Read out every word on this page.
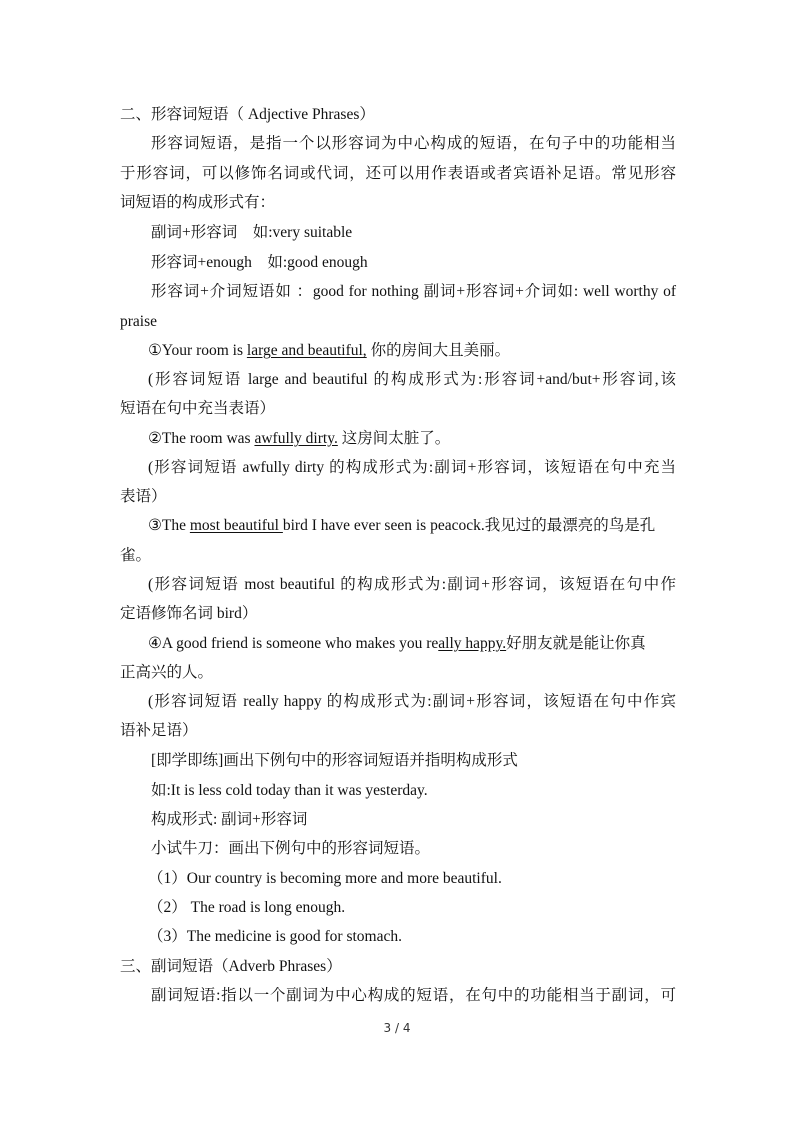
二、形容词短语（ Adjective Phrases）
形容词短语，是指一个以形容词为中心构成的短语，在句子中的功能相当
于形容词，可以修饰名词或代词，还可以用作表语或者宾语补足语。常见形容
词短语的构成形式有：
副词+形容词　如:very suitable
形容词+enough　如:good enough
形容词+介词短语如 ：good for nothing 副词+形容词+介词如: well worthy of
praise
①Your room is large and beautiful, 你的房间大且美丽。
(形容词短语 large and beautiful 的构成形式为:形容词+and/but+形容词,该
短语在句中充当表语）
②The room was awfully dirty. 这房间太脏了。
(形容词短语 awfully dirty 的构成形式为:副词+形容词，该短语在句中充当
表语）
③The most beautiful bird I have ever seen is peacock.我见过的最漂亮的鸟是孔
雀。
(形容词短语 most beautiful 的构成形式为:副词+形容词，该短语在句中作
定语修饰名词 bird）
④A good friend is someone who makes you really happy.好朋友就是能让你真
正高兴的人。
(形容词短语 really happy 的构成形式为:副词+形容词，该短语在句中作宾
语补足语）
[即学即练]画出下例句中的形容词短语并指明构成形式
如:It is less cold today than it was yesterday.
构成形式: 副词+形容词
小试牛刀：画出下例句中的形容词短语。
（1）Our country is becoming more and more beautiful.
（2） The road is long enough.
（3）The medicine is good for stomach.
三、副词短语（Adverb Phrases）
副词短语:指以一个副词为中心构成的短语，在句中的功能相当于副词，可
3 / 4
